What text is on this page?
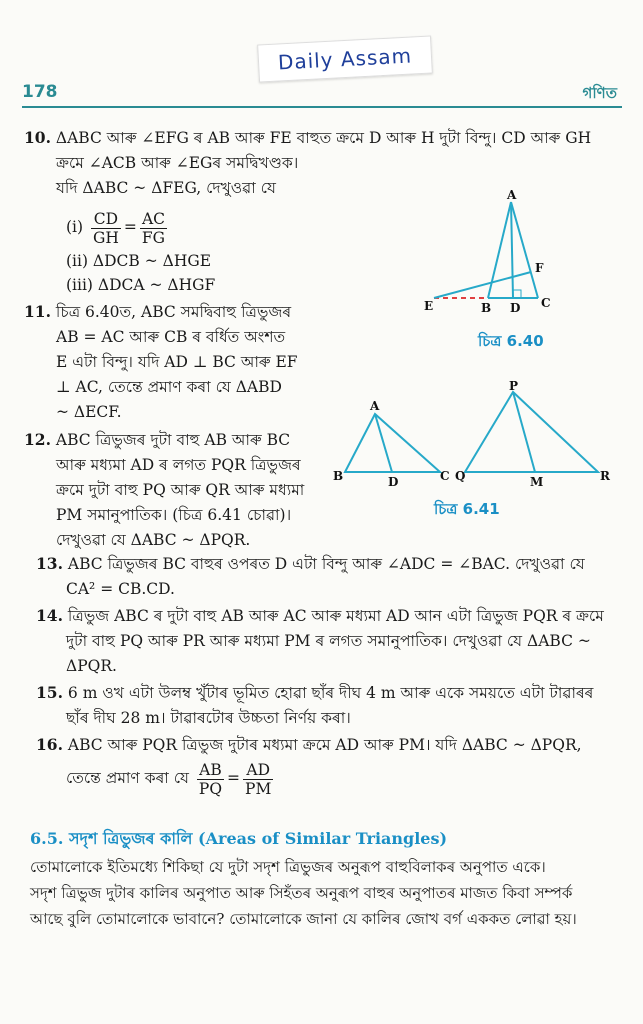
Daily Assam
178	গণিত
10. ΔABC আৰু ∠EFG ৰ AB আৰু FE বাহুত ক্ৰমে D আৰু H দুটা বিন্দু। CD আৰু GH
ক্ৰমে ∠ACB আৰু ∠EGৰ সমদ্বিখণ্ডক।
যদি ΔABC ~ ΔFEG, দেখুওৱা যে
$(i) \frac{CD}{GH} = \frac{AC}{FG}$
(ii) ΔDCB ~ ΔHGE
(iii) ΔDCA ~ ΔHGF
11. চিত্ৰ 6.40ত, ABC সমদ্বিবাহু ত্ৰিভুজৰ
AB = AC আৰু CB ৰ বৰ্ধিত অংশত
E এটা বিন্দু। যদি AD ⊥ BC আৰু EF
⊥ AC, তেন্তে প্ৰমাণ কৰা যে ΔABD
~ ΔECF.
A
F
E	B D C
চিত্ৰ 6.40
12. ABC ত্ৰিভুজৰ দুটা বাহু AB আৰু BC
আৰু মধ্যমা AD ৰ লগত PQR ত্ৰিভুজৰ
ক্ৰমে দুটা বাহু PQ আৰু QR আৰু মধ্যমা
PM সমানুপাতিক। (চিত্ৰ 6.41 চোৱা)।
দেখুওৱা যে ΔABC ~ ΔPQR.
A
B	D	C
P
Q	M	R
চিত্ৰ 6.41
13. ABC ত্ৰিভুজৰ BC বাহুৰ ওপৰত D এটা বিন্দু আৰু ∠ADC = ∠BAC. দেখুওৱা যে
CA² = CB.CD.
14. ত্ৰিভুজ ABC ৰ দুটা বাহু AB আৰু AC আৰু মধ্যমা AD আন এটা ত্ৰিভুজ PQR ৰ ক্ৰমে
দুটা বাহু PQ আৰু PR আৰু মধ্যমা PM ৰ লগত সমানুপাতিক। দেখুওৱা যে ΔABC ~
ΔPQR.
15. 6 m ওখ এটা উলম্ব খুঁটাৰ ভূমিত হোৱা ছাঁৰ দীঘ 4 m আৰু একে সময়তে এটা টাৱাৰৰ
ছাঁৰ দীঘ 28 m। টাৱাৰটোৰ উচ্চতা নিৰ্ণয় কৰা।
16. ABC আৰু PQR ত্ৰিভুজ দুটাৰ মধ্যমা ক্ৰমে AD আৰু PM। যদি ΔABC ~ ΔPQR,
তেন্তে প্ৰমাণ কৰা যে $\frac{AB}{PQ} = \frac{AD}{PM}$
6.5. সদৃশ ত্ৰিভুজৰ কালি (Areas of Similar Triangles)
তোমালোকে ইতিমধ্যে শিকিছা যে দুটা সদৃশ ত্ৰিভুজৰ অনুৰূপ বাহুবিলাকৰ অনুপাত একে।
সদৃশ ত্ৰিভুজ দুটাৰ কালিৰ অনুপাত আৰু সিহঁতৰ অনুৰূপ বাহুৰ অনুপাতৰ মাজত কিবা সম্পৰ্ক
আছে বুলি তোমালোকে ভাবানে? তোমালোকে জানা যে কালিৰ জোখ বৰ্গ এককত লোৱা হয়।
